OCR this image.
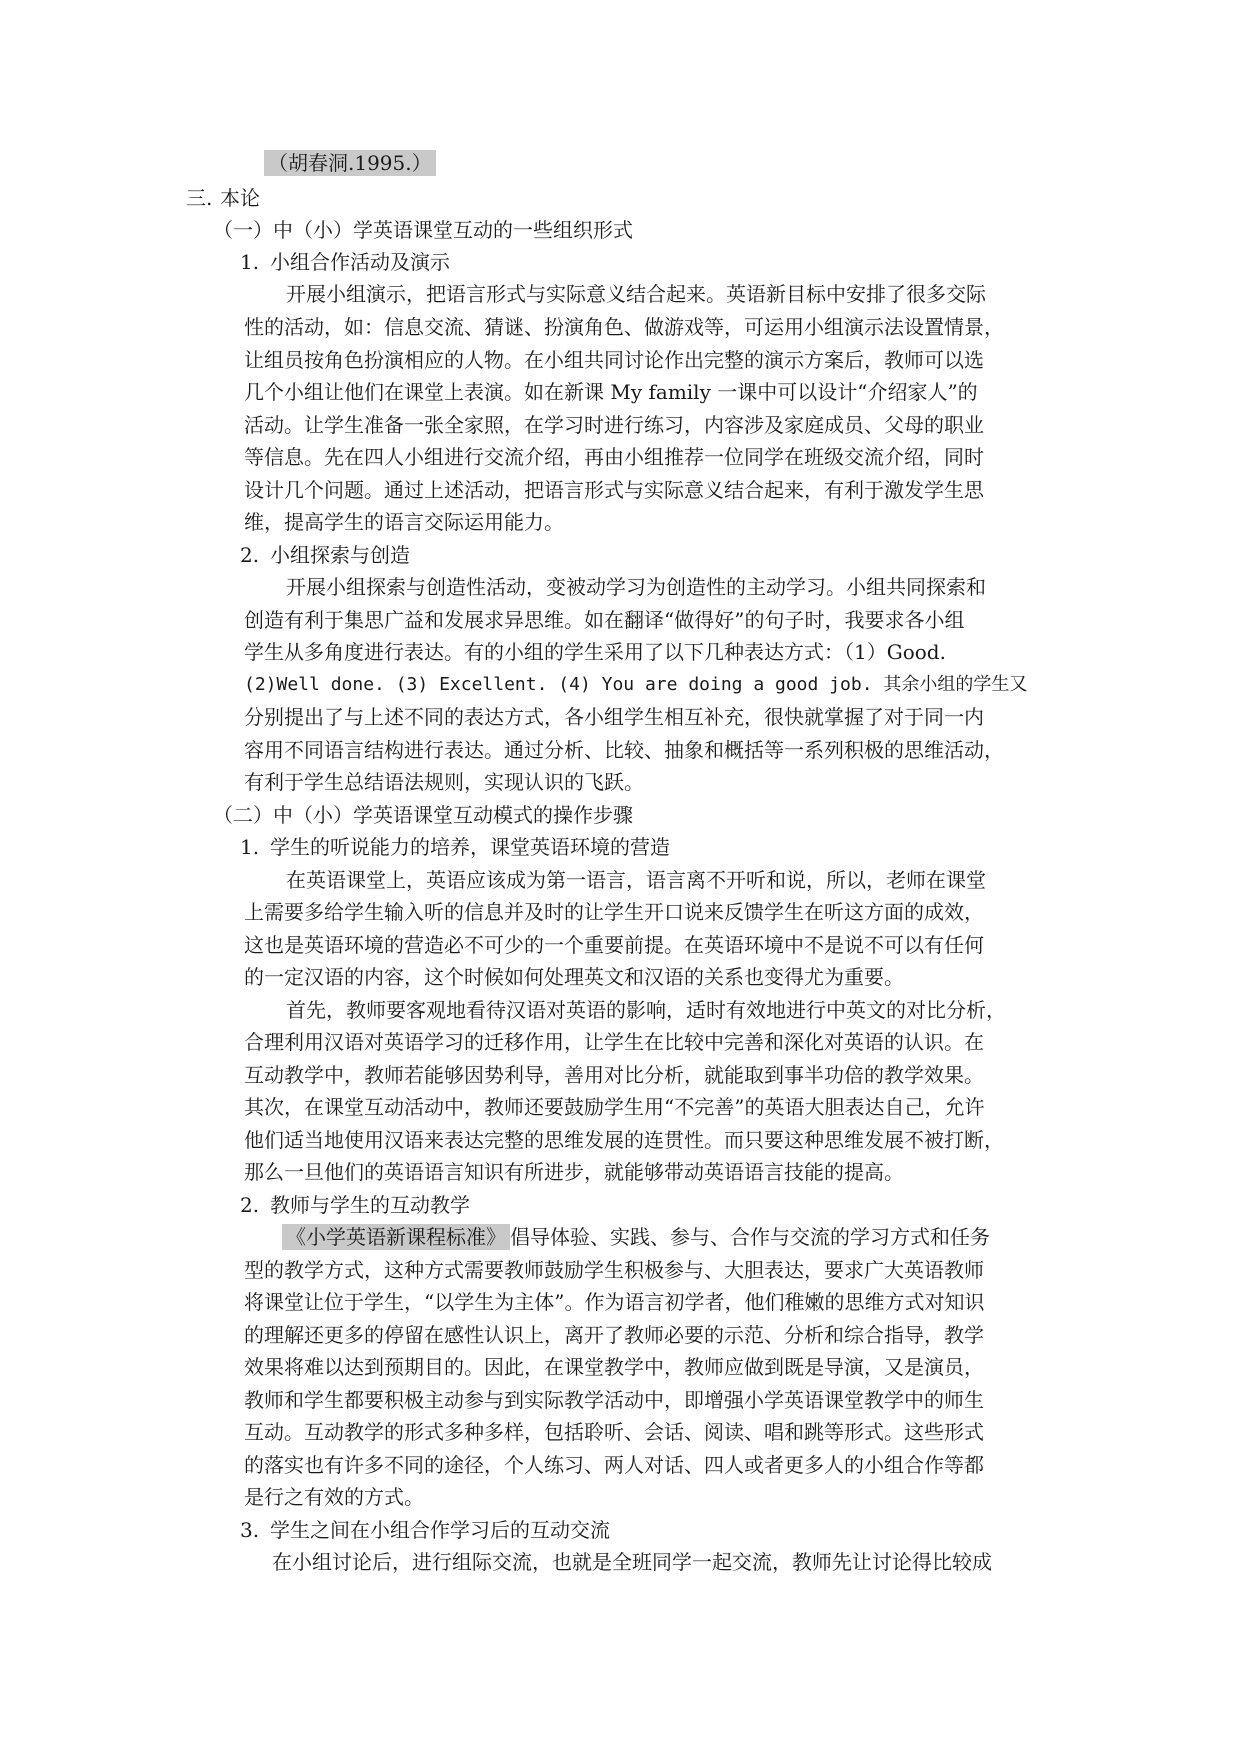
（胡春洞.1995.）
三. 本论
（一）中（小）学英语课堂互动的一些组织形式
1. 小组合作活动及演示
开展小组演示，把语言形式与实际意义结合起来。英语新目标中安排了很多交际
性的活动，如：信息交流、猜谜、扮演角色、做游戏等，可运用小组演示法设置情景，
让组员按角色扮演相应的人物。在小组共同讨论作出完整的演示方案后，教师可以选
几个小组让他们在课堂上表演。如在新课 My family 一课中可以设计“介绍家人”的
活动。让学生准备一张全家照，在学习时进行练习，内容涉及家庭成员、父母的职业
等信息。先在四人小组进行交流介绍，再由小组推荐一位同学在班级交流介绍，同时
设计几个问题。通过上述活动，把语言形式与实际意义结合起来，有利于激发学生思
维，提高学生的语言交际运用能力。
2. 小组探索与创造
开展小组探索与创造性活动，变被动学习为创造性的主动学习。小组共同探索和
创造有利于集思广益和发展求异思维。如在翻译“做得好”的句子时，我要求各小组
学生从多角度进行表达。有的小组的学生采用了以下几种表达方式：（1）Good.
(2)Well done. (3) Excellent. (4) You are doing a good job. 其余小组的学生又
分别提出了与上述不同的表达方式，各小组学生相互补充，很快就掌握了对于同一内
容用不同语言结构进行表达。通过分析、比较、抽象和概括等一系列积极的思维活动，
有利于学生总结语法规则，实现认识的飞跃。
（二）中（小）学英语课堂互动模式的操作步骤
1. 学生的听说能力的培养，课堂英语环境的营造
在英语课堂上，英语应该成为第一语言，语言离不开听和说，所以，老师在课堂
上需要多给学生输入听的信息并及时的让学生开口说来反馈学生在听这方面的成效，
这也是英语环境的营造必不可少的一个重要前提。在英语环境中不是说不可以有任何
的一定汉语的内容，这个时候如何处理英文和汉语的关系也变得尤为重要。
首先，教师要客观地看待汉语对英语的影响，适时有效地进行中英文的对比分析，
合理利用汉语对英语学习的迁移作用，让学生在比较中完善和深化对英语的认识。在
互动教学中，教师若能够因势利导，善用对比分析，就能取到事半功倍的教学效果。
其次，在课堂互动活动中，教师还要鼓励学生用“不完善”的英语大胆表达自己，允许
他们适当地使用汉语来表达完整的思维发展的连贯性。而只要这种思维发展不被打断，
那么一旦他们的英语语言知识有所进步，就能够带动英语语言技能的提高。
2. 教师与学生的互动教学
《小学英语新课程标准》 倡导体验、实践、参与、合作与交流的学习方式和任务
型的教学方式，这种方式需要教师鼓励学生积极参与、大胆表达，要求广大英语教师
将课堂让位于学生，“以学生为主体”。作为语言初学者，他们稚嫩的思维方式对知识
的理解还更多的停留在感性认识上，离开了教师必要的示范、分析和综合指导，教学
效果将难以达到预期目的。因此，在课堂教学中，教师应做到既是导演，又是演员，
教师和学生都要积极主动参与到实际教学活动中，即增强小学英语课堂教学中的师生
互动。互动教学的形式多种多样，包括聆听、会话、阅读、唱和跳等形式。这些形式
的落实也有许多不同的途径，个人练习、两人对话、四人或者更多人的小组合作等都
是行之有效的方式。
3. 学生之间在小组合作学习后的互动交流
在小组讨论后，进行组际交流，也就是全班同学一起交流，教师先让讨论得比较成
